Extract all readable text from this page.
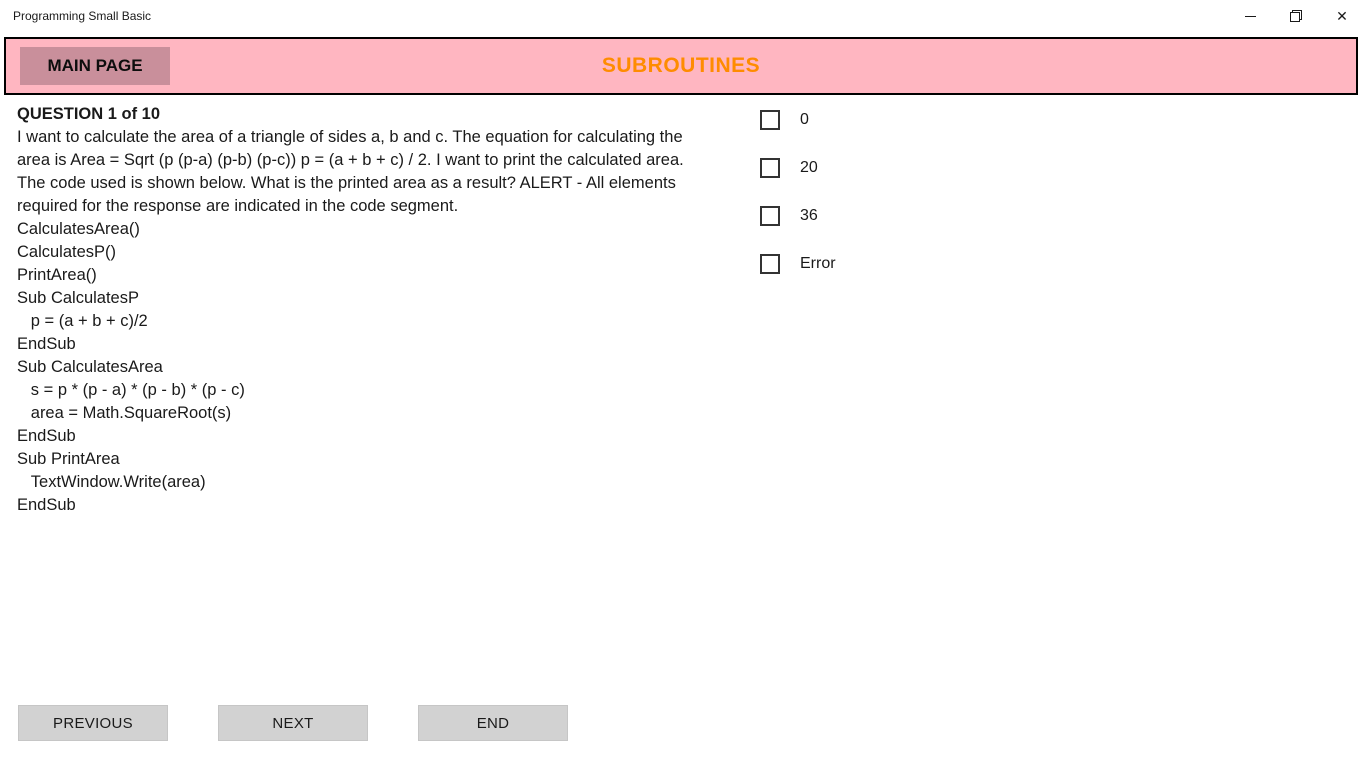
Programming Small Basic	✕
SUBROUTINES
MAIN PAGE
QUESTION 1 of 10
I want to calculate the area of a triangle of sides a, b and c. The equation for calculating the area is Area = Sqrt (p (p-a) (p-b) (p-c)) p = (a + b + c) / 2. I want to print the calculated area. The code used is shown below. What is the printed area as a result? ALERT - All elements required for the response are indicated in the code segment.
CalculatesArea()
CalculatesP()
PrintArea()
Sub CalculatesP
p = (a + b + c)/2
EndSub
Sub CalculatesArea
s = p * (p - a) * (p - b) * (p - c)
area = Math.SquareRoot(s)
EndSub
Sub PrintArea
TextWindow.Write(area)
EndSub
0
20
36
Error
PREVIOUS	NEXT	END
